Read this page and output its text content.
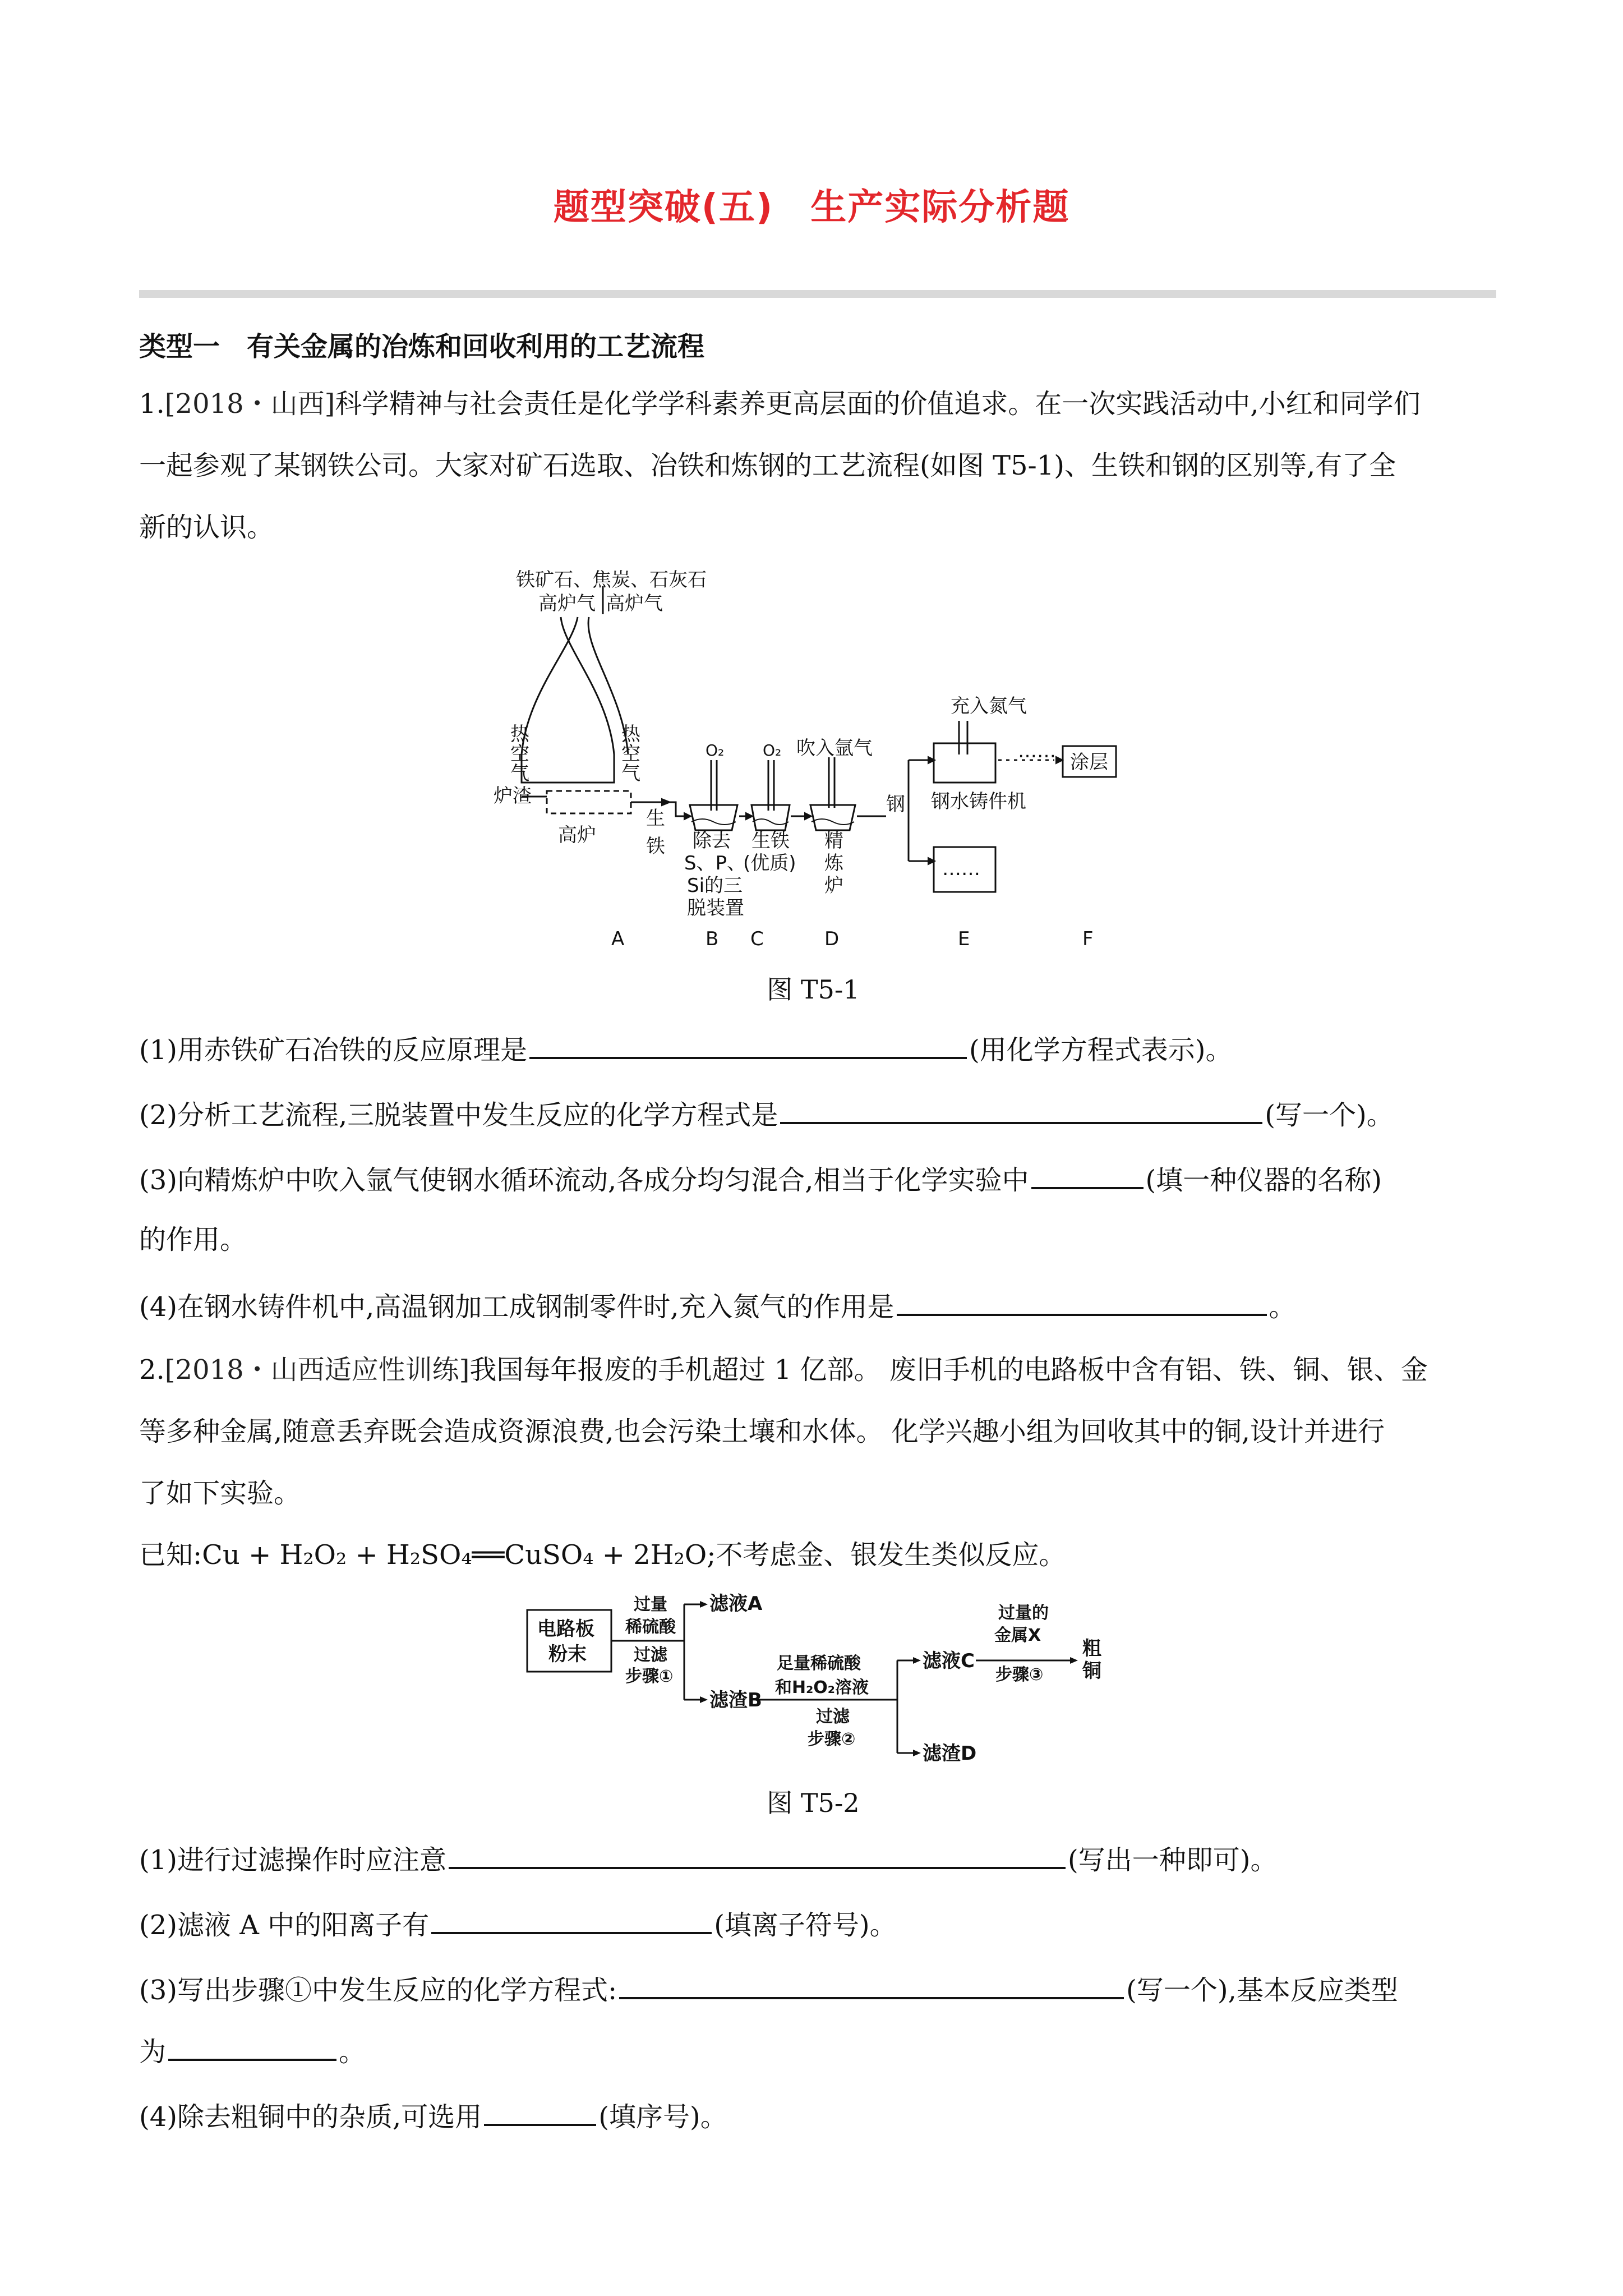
题型突破(五)　生产实际分析题
类型一　有关金属的冶炼和回收利用的工艺流程
1.[2018・山西]科学精神与社会责任是化学学科素养更高层面的价值追求。在一次实践活动中,小红和同学们
一起参观了某钢铁公司。大家对矿石选取、冶铁和炼钢的工艺流程(如图 T5-1)、生铁和钢的区别等,有了全
新的认识。
铁矿石、焦炭、石灰石
高炉气 高炉气
热
空
气
热
空
气
炉渣
高炉
生
铁
O₂ O₂ 吹入氩气
充入氮气
涂层
……
钢 钢水铸件机
……
除去
S、P、
Si的三
脱装置
生铁
(优质)
精
炼
炉
A	B C	D	E	F
图 T5-1
(1)用赤铁矿石冶铁的反应原理是	(用化学方程式表示)。
(2)分析工艺流程,三脱装置中发生反应的化学方程式是	(写一个)。
(3)向精炼炉中吹入氩气使钢水循环流动,各成分均匀混合,相当于化学实验中	(填一种仪器的名称)
的作用。
(4)在钢水铸件机中,高温钢加工成钢制零件时,充入氮气的作用是	。
2.[2018・山西适应性训练]我国每年报废的手机超过 1 亿部。 废旧手机的电路板中含有铝、铁、铜、银、金
等多种金属,随意丢弃既会造成资源浪费,也会污染土壤和水体。 化学兴趣小组为回收其中的铜,设计并进行
了如下实验。
已知:Cu + H₂O₂ + H₂SO₄══CuSO₄ + 2H₂O;不考虑金、银发生类似反应。
电路板
粉末
过量
稀硫酸
过滤
步骤①
滤液A
滤渣B
足量稀硫酸
和H₂O₂溶液
过滤
步骤②
滤液C
滤渣D
过量的
金属X
步骤③
粗
铜
图 T5-2
(1)进行过滤操作时应注意	(写出一种即可)。
(2)滤液 A 中的阳离子有	(填离子符号)。
(3)写出步骤①中发生反应的化学方程式:	(写一个),基本反应类型
为	。
(4)除去粗铜中的杂质,可选用	(填序号)。
